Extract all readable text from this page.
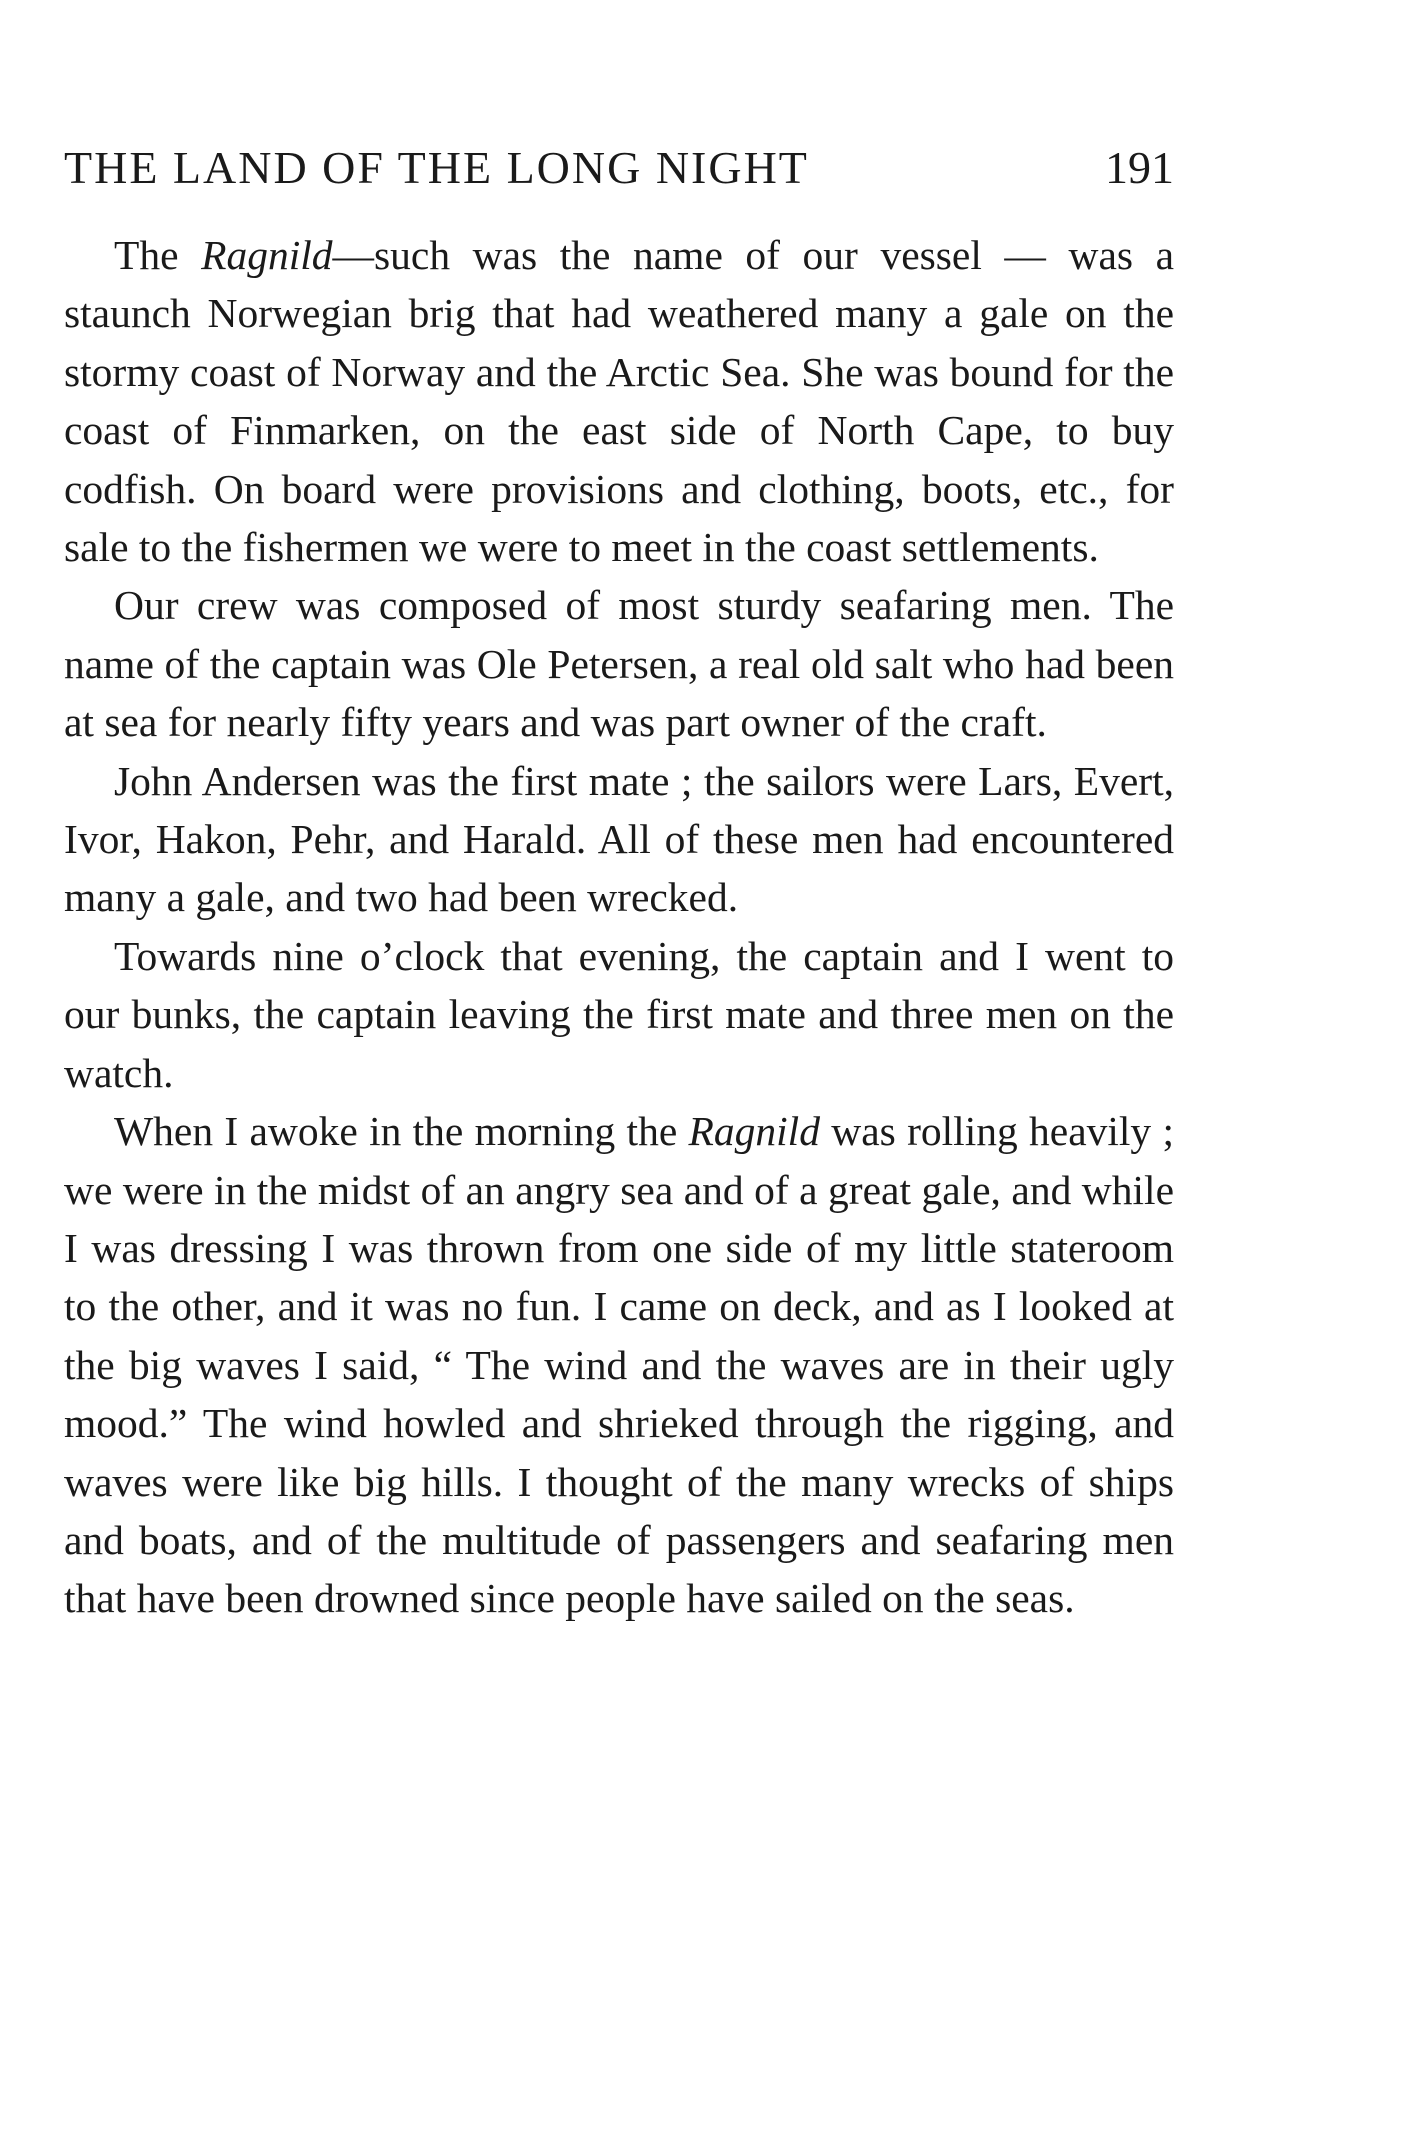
THE LAND OF THE LONG NIGHT	191

The Ragnild—such was the name of our vessel — was a staunch Norwegian brig that had weathered many a gale on the stormy coast of Norway and the Arctic Sea. She was bound for the coast of Finmarken, on the east side of North Cape, to buy codfish. On board were provisions and clothing, boots, etc., for sale to the fishermen we were to meet in the coast settlements.

Our crew was composed of most sturdy seafaring men. The name of the captain was Ole Petersen, a real old salt who had been at sea for nearly fifty years and was part owner of the craft.

John Andersen was the first mate ; the sailors were Lars, Evert, Ivor, Hakon, Pehr, and Harald. All of these men had encountered many a gale, and two had been wrecked.

Towards nine o’clock that evening, the captain and I went to our bunks, the captain leaving the first mate and three men on the watch.

When I awoke in the morning the Ragnild was rolling heavily ; we were in the midst of an angry sea and of a great gale, and while I was dressing I was thrown from one side of my little stateroom to the other, and it was no fun. I came on deck, and as I looked at the big waves I said, “ The wind and the waves are in their ugly mood.” The wind howled and shrieked through the rigging, and waves were like big hills. I thought of the many wrecks of ships and boats, and of the multitude of passengers and seafaring men that have been drowned since people have sailed on the seas.
